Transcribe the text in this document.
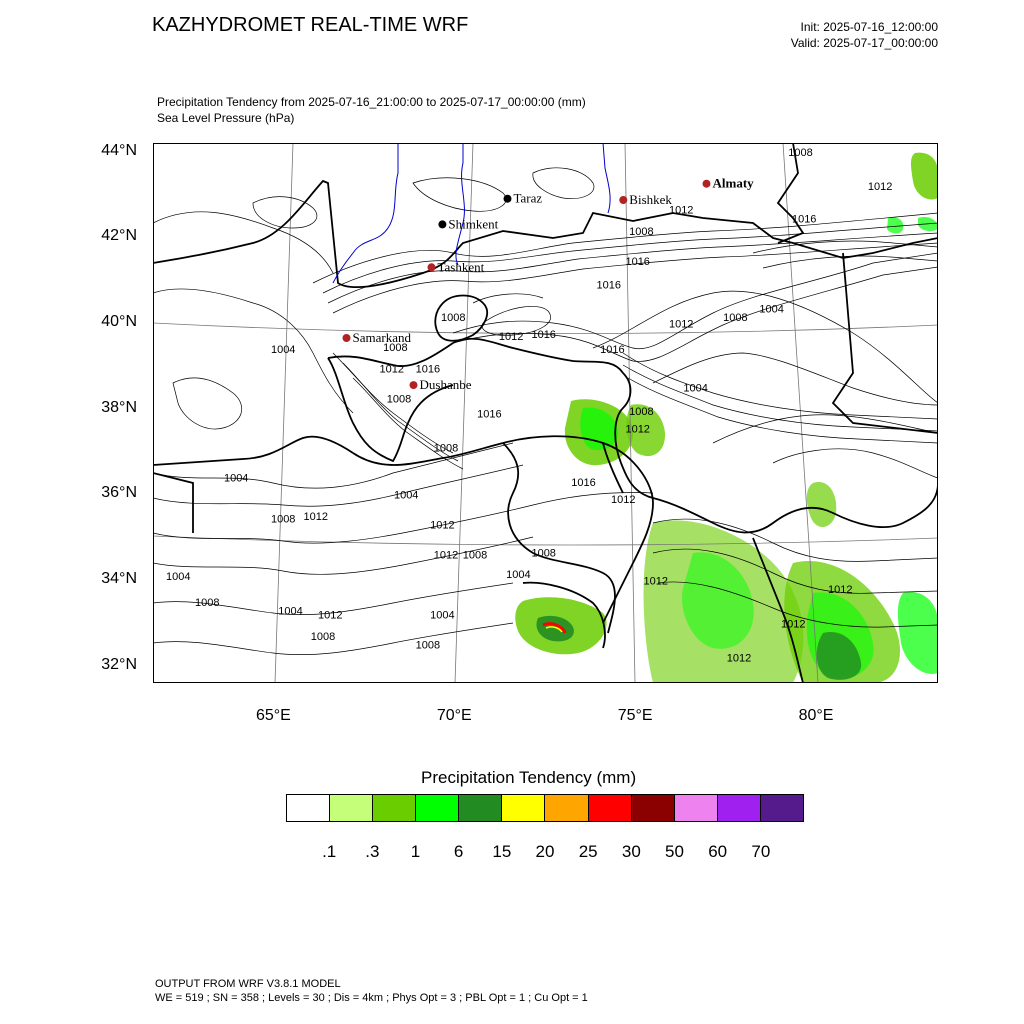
KAZHYDROMET REAL-TIME WRF	Init: 2025-07-16_12:00:00
Valid: 2025-07-17_00:00:00
Precipitation Tendency from 2025-07-16_21:00:00 to 2025-07-17_00:00:00 (mm)
Sea Level Pressure (hPa)
1008
1012
1016
1012
1008
1016
1016
1012
1008
1004
1004	1008
1012 1016
1008
1012 1016
1016
1004
1008
1012
1008
1016
1008
1004
1008 1012
1004
1012
1012 1008	1008
1004
1016
1012
1012
1012
1012
1012
1004
1008
1004 1012
1008
1004
1008
Almaty
Taraz	Bishkek
Shimkent
Tashkent
Samarkand
Dushanbe
44°N
42°N
40°N
38°N
36°N
34°N
32°N
65°E	70°E	75°E	80°E
Precipitation Tendency (mm)
.1 .3 1 6 15 20 25 30 50 60 70
OUTPUT FROM WRF V3.8.1 MODEL
WE = 519 ; SN = 358 ; Levels = 30 ; Dis = 4km ; Phys Opt = 3 ; PBL Opt = 1 ; Cu Opt = 1
